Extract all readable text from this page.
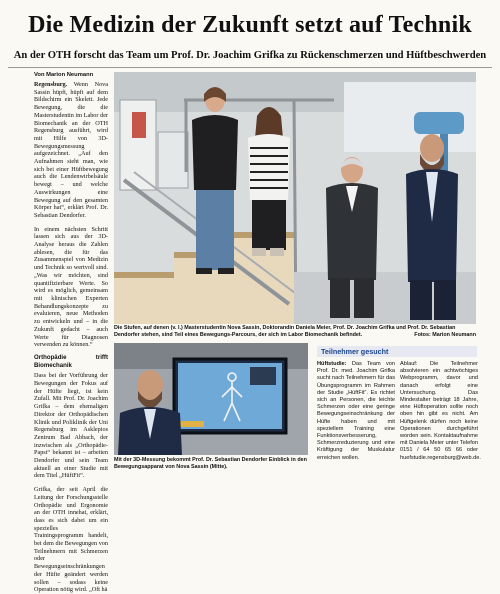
Die Medizin der Zukunft setzt auf Technik
An der OTH forscht das Team um Prof. Dr. Joachim Grifka zu Rückenschmerzen und Hüftbeschwerden
Von Marion Neumann

Regensburg. Wenn Nova Sassin hüpft, hüpft auf dem Bildschirm ein Skelett. Jede Bewegung, die die Masterstudentin im Labor der Biomechanik an der OTH Regensburg ausführt, wird mit Hilfe von 3D-Bewegungsmessung aufgezeichnet. „Auf den Aufnahmen sieht man, wie sich bei einer Hüftbewegung auch die Lendenwirbelsäule bewegt – und welche Auswirkungen eine Bewegung auf den gesamten Körper hat“, erklärt Prof. Dr. Sebastian Dendorfer.

In einem nächsten Schritt lassen sich aus der 3D-Analyse heraus die Zahlen ablesen, die für das Zusammenspiel von Medizin und Technik so wertvoll sind. „Was wir möchten, sind quantifizierbare Werte. So wird es möglich, gemeinsam mit klinischen Experten Behandlungskonzepte zu evaluieren, neue Methoden zu entwickeln und – in die Zukunft gedacht – auch Werte für Diagnosen verwenden zu können.“

Orthopädie trifft Biomechanik

Dass bei der Vorführung der Bewegungen der Fokus auf der Hüfte liegt, ist kein Zufall. Mit Prof. Dr. Joachim Grifka – dem ehemaligen Direktor der Orthopädischen Klinik und Poliklinik der Uni Regensburg im Asklepios Zentrum Bad Abbach, der inzwischen als „Orthopädie-Papst“ bekannt ist – arbeiten Dendorfer und sein Team aktuell an einer Studie mit dem Titel „HüftFit“.

Grifka, der seit April die Leitung der Forschungsstelle Orthopädie und Ergonomie an der OTH innehat, erklärt, dass es sich dabei um ein spezielles Trainingsprogramm handelt, bei dem die Bewegungen von Teilnehmern mit Schmerzen oder Bewegungseinschränkungen der Hüfte geändert werden sollen – sodass keine Operation nötig wird. „Oft hä

Die Stufen, auf denen (v. l.) Masterstudentin Nova Sassin, Doktorandin Daniela Meier, Prof. Dr. Joachim Grifka und Prof. Dr. Sebastian Dendorfer stehen, sind Teil eines Bewegungs-Parcours, der sich im Labor Biomechanik befindet.	Fotos: Marion Neumann
Mit der 3D-Messung bekommt Prof. Dr. Sebastian Dendorfer Einblick in den Bewegungsapparat von Nova Sassin (Mitte).
Teilnehmer gesucht

Hüftstudie: Das Team von Prof. Dr. med. Joachim Grifka sucht nach Teilnehmern für das Übungsprogramm im Rahmen der Studie „HüftFit“. Es richtet sich an Personen, die leichte Schmerzen oder eine geringe Bewegungseinschränkung der Hüfte haben und mit speziellem Training eine Funktionsverbesserung, Schmerzreduzierung und eine Kräftigung der Muskulatur erreichen wollen.

Ablauf: Die Teilnehmer absolvieren ein achtwöchiges Webprogramm, davor und danach erfolgt eine Untersuchung. Das Mindestalter beträgt 18 Jahre, eine Hüftoperation sollte noch oben hin gibt es nicht. Am Hüftgelenk dürfen noch keine Operationen durchgeführt worden sein. Kontaktaufnahme mit Daniela Meier unter Telefon 0151 / 64 50 65 66 oder huefstudie.regensburg@web.de.
